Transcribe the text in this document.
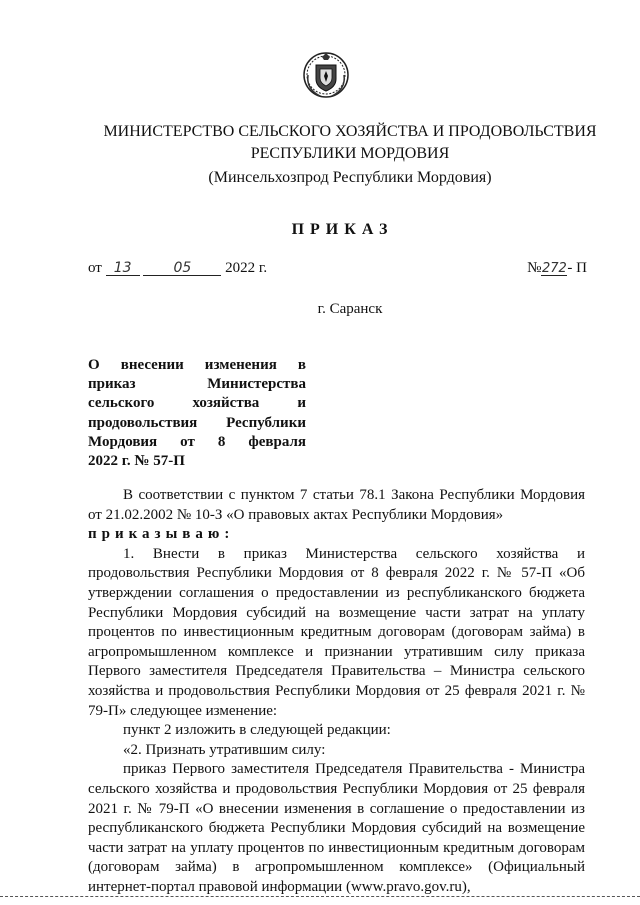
МИНИСТЕРСТВО СЕЛЬСКОГО ХОЗЯЙСТВА И ПРОДОВОЛЬСТВИЯ
РЕСПУБЛИКИ МОРДОВИЯ
(Минсельхозпрод Республики Мордовия)
ПРИКАЗ
от 13	05 2022 г.	№272- П
г. Саранск
О внесении изменения в
приказ Министерства
сельского хозяйства и
продовольствия Республики
Мордовия от 8 февраля
2022 г. № 57-П

В соответствии с пунктом 7 статьи 78.1 Закона Республики Мордовия от 21.02.2002 № 10-З «О правовых актах Республики Мордовия»

приказываю:

1. Внести в приказ Министерства сельского хозяйства и продовольствия Республики Мордовия от 8 февраля 2022 г. № 57-П «Об утверждении соглашения о предоставлении из республиканского бюджета Республики Мордовия субсидий на возмещение части затрат на уплату процентов по инвестиционным кредитным договорам (договорам займа) в агропромышленном комплексе и признании утратившим силу приказа Первого заместителя Председателя Правительства – Министра сельского хозяйства и продовольствия Республики Мордовия от 25 февраля 2021 г. № 79-П» следующее изменение:

пункт 2 изложить в следующей редакции:

«2. Признать утратившим силу:

приказ Первого заместителя Председателя Правительства - Министра сельского хозяйства и продовольствия Республики Мордовия от 25 февраля 2021 г. № 79-П «О внесении изменения в соглашение о предоставлении из республиканского бюджета Республики Мордовия субсидий на возмещение части затрат на уплату процентов по инвестиционным кредитным договорам (договорам займа) в агропромышленном комплексе» (Официальный интернет-портал правовой информации (www.pravo.gov.ru),
